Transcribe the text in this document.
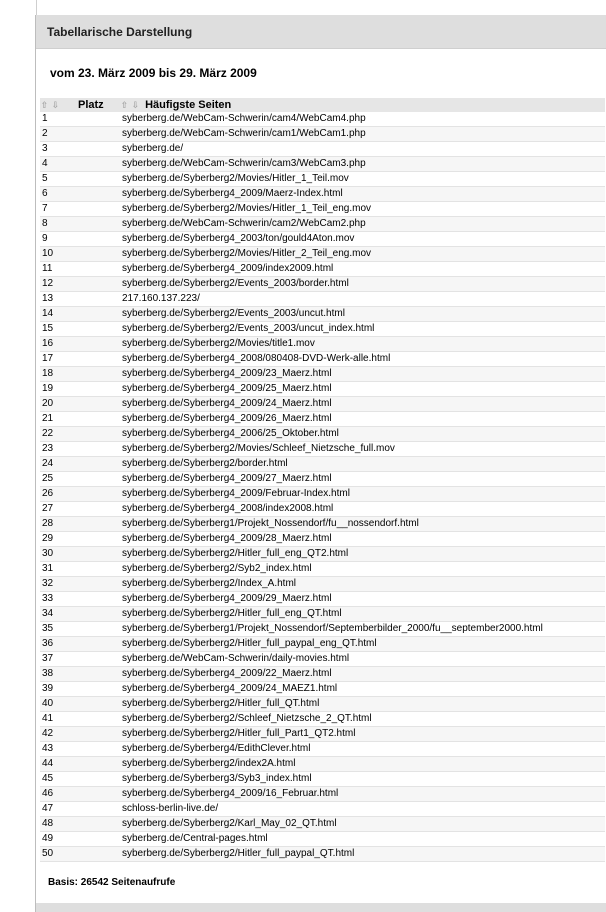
Tabellarische Darstellung
vom 23. März 2009 bis 29. März 2009
⇧ ⇩	Platz	⇧ ⇩ Häufigste Seiten
1		syberberg.de/WebCam-Schwerin/cam4/WebCam4.php
2		syberberg.de/WebCam-Schwerin/cam1/WebCam1.php
3		syberberg.de/
4		syberberg.de/WebCam-Schwerin/cam3/WebCam3.php
5		syberberg.de/Syberberg2/Movies/Hitler_1_Teil.mov
6		syberberg.de/Syberberg4_2009/Maerz-Index.html
7		syberberg.de/Syberberg2/Movies/Hitler_1_Teil_eng.mov
8		syberberg.de/WebCam-Schwerin/cam2/WebCam2.php
9		syberberg.de/Syberberg4_2003/ton/gould4Aton.mov
10		syberberg.de/Syberberg2/Movies/Hitler_2_Teil_eng.mov
11		syberberg.de/Syberberg4_2009/index2009.html
12		syberberg.de/Syberberg2/Events_2003/border.html
13		217.160.137.223/
14		syberberg.de/Syberberg2/Events_2003/uncut.html
15		syberberg.de/Syberberg2/Events_2003/uncut_index.html
16		syberberg.de/Syberberg2/Movies/title1.mov
17		syberberg.de/Syberberg4_2008/080408-DVD-Werk-alle.html
18		syberberg.de/Syberberg4_2009/23_Maerz.html
19		syberberg.de/Syberberg4_2009/25_Maerz.html
20		syberberg.de/Syberberg4_2009/24_Maerz.html
21		syberberg.de/Syberberg4_2009/26_Maerz.html
22		syberberg.de/Syberberg4_2006/25_Oktober.html
23		syberberg.de/Syberberg2/Movies/Schleef_Nietzsche_full.mov
24		syberberg.de/Syberberg2/border.html
25		syberberg.de/Syberberg4_2009/27_Maerz.html
26		syberberg.de/Syberberg4_2009/Februar-Index.html
27		syberberg.de/Syberberg4_2008/index2008.html
28		syberberg.de/Syberberg1/Projekt_Nossendorf/fu__nossendorf.html
29		syberberg.de/Syberberg4_2009/28_Maerz.html
30		syberberg.de/Syberberg2/Hitler_full_eng_QT2.html
31		syberberg.de/Syberberg2/Syb2_index.html
32		syberberg.de/Syberberg2/Index_A.html
33		syberberg.de/Syberberg4_2009/29_Maerz.html
34		syberberg.de/Syberberg2/Hitler_full_eng_QT.html
35		syberberg.de/Syberberg1/Projekt_Nossendorf/Septemberbilder_2000/fu__september2000.html
36		syberberg.de/Syberberg2/Hitler_full_paypal_eng_QT.html
37		syberberg.de/WebCam-Schwerin/daily-movies.html
38		syberberg.de/Syberberg4_2009/22_Maerz.html
39		syberberg.de/Syberberg4_2009/24_MAEZ1.html
40		syberberg.de/Syberberg2/Hitler_full_QT.html
41		syberberg.de/Syberberg2/Schleef_Nietzsche_2_QT.html
42		syberberg.de/Syberberg2/Hitler_full_Part1_QT2.html
43		syberberg.de/Syberberg4/EdithClever.html
44		syberberg.de/Syberberg2/index2A.html
45		syberberg.de/Syberberg3/Syb3_index.html
46		syberberg.de/Syberberg4_2009/16_Februar.html
47		schloss-berlin-live.de/
48		syberberg.de/Syberberg2/Karl_May_02_QT.html
49		syberberg.de/Central-pages.html
50		syberberg.de/Syberberg2/Hitler_full_paypal_QT.html
Basis: 26542 Seitenaufrufe
